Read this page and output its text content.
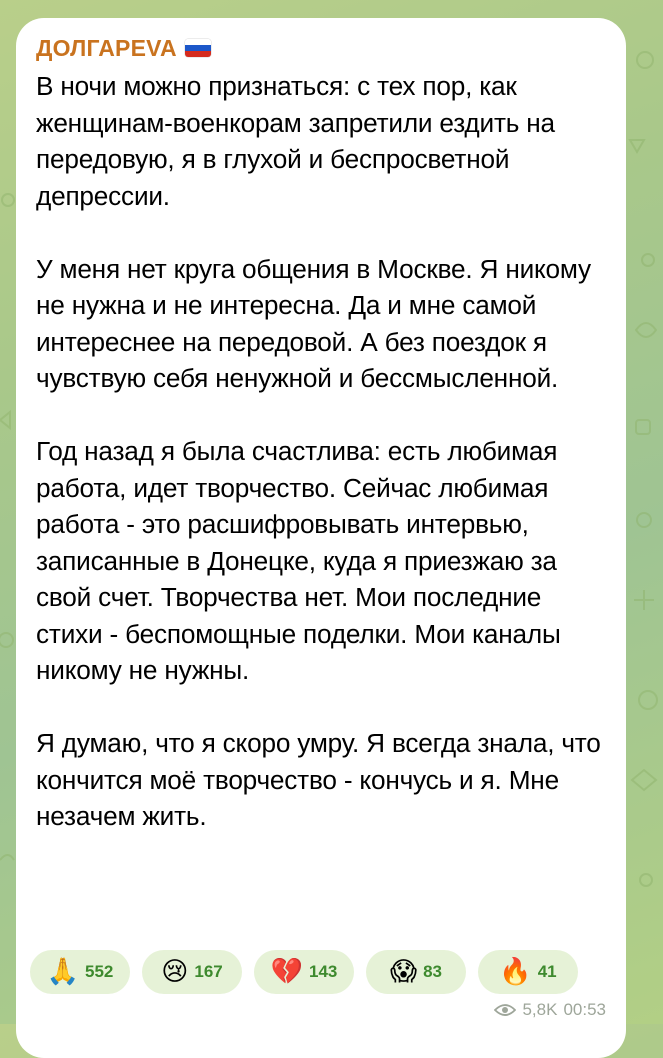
ДОЛГАРЕVA

В ночи можно признаться: с тех пор, как женщинам-военкорам запретили ездить на передовую, я в глухой и беспросветной депрессии.

У меня нет круга общения в Москве. Я никому не нужна и не интересна. Да и мне самой интереснее на передовой. А без поездок я чувствую себя ненужной и бессмысленной.

Год назад я была счастлива: есть любимая работа, идет творчество. Сейчас любимая работа - это расшифровывать интервью, записанные в Донецке, куда я приезжаю за свой счет. Творчества нет. Мои последние стихи - беспомощные поделки. Мои каналы никому не нужны.

Я думаю, что я скоро умру. Я всегда знала, что кончится моё творчество - кончусь и я. Мне незачем жить.

🙏 552 😢 167 💔 143 😱 83 🔥 41
5,8K 00:53
